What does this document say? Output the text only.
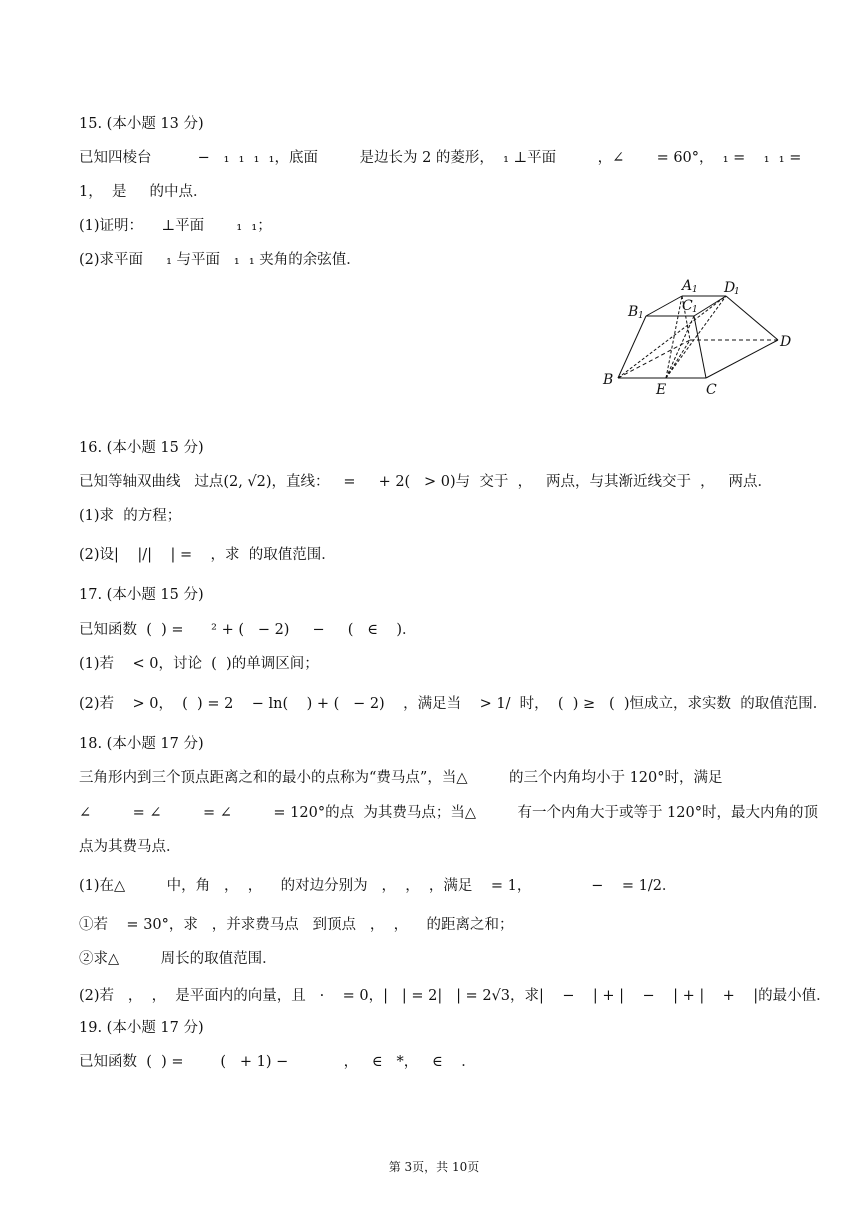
15. (本小题 13 分)
已知四棱台          −   ₁  ₁  ₁  ₁，底面         是边长为 2 的菱形，  ₁ ⊥平面         ，∠       = 60°，  ₁ =    ₁  ₁ =
1，  是     的中点．
(1)证明：    ⊥平面       ₁  ₁；
(2)求平面     ₁ 与平面   ₁  ₁ 夹角的余弦值．
A 1 D
1
C 1
B 1
D
B
E	C
16. (本小题 15 分)
已知等轴双曲线   过点(2, √2)，直线：   =     + 2(   > 0)与  交于  ，   两点，与其渐近线交于  ，   两点．
(1)求  的方程；
(2)设|    |/|    | =    ，求  的取值范围．
17. (本小题 15 分)
已知函数  (  ) =      ² + (   − 2)     −     (   ∈    )．
(1)若    < 0，讨论  (  )的单调区间；
(2)若    > 0，  (  ) = 2    − ln(    ) + (   − 2)    ，满足当    > 1/  时，  (  ) ≥   (  )恒成立，求实数  的取值范围．
18. (本小题 17 分)
三角形内到三个顶点距离之和的最小的点称为“费马点”，当△         的三个内角均小于 120°时，满足
∠         = ∠         = ∠         = 120°的点  为其费马点；当△         有一个内角大于或等于 120°时，最大内角的顶
点为其费马点．
(1)在△         中，角   ，  ，    的对边分别为   ，  ，  ，满足    = 1，             −    = 1/2．
①若    = 30°，求   ，并求费马点   到顶点   ，  ，    的距离之和；
②求△         周长的取值范围．
(2)若   ，  ，  是平面内的向量，且   ·    = 0，|   | = 2|   | = 2√3，求|    −    | + |    −    | + |    +    |的最小值．
19. (本小题 17 分)
已知函数  (  ) =        (   + 1) −            ，   ∈   *，   ∈    ．
第 3页，共 10页
